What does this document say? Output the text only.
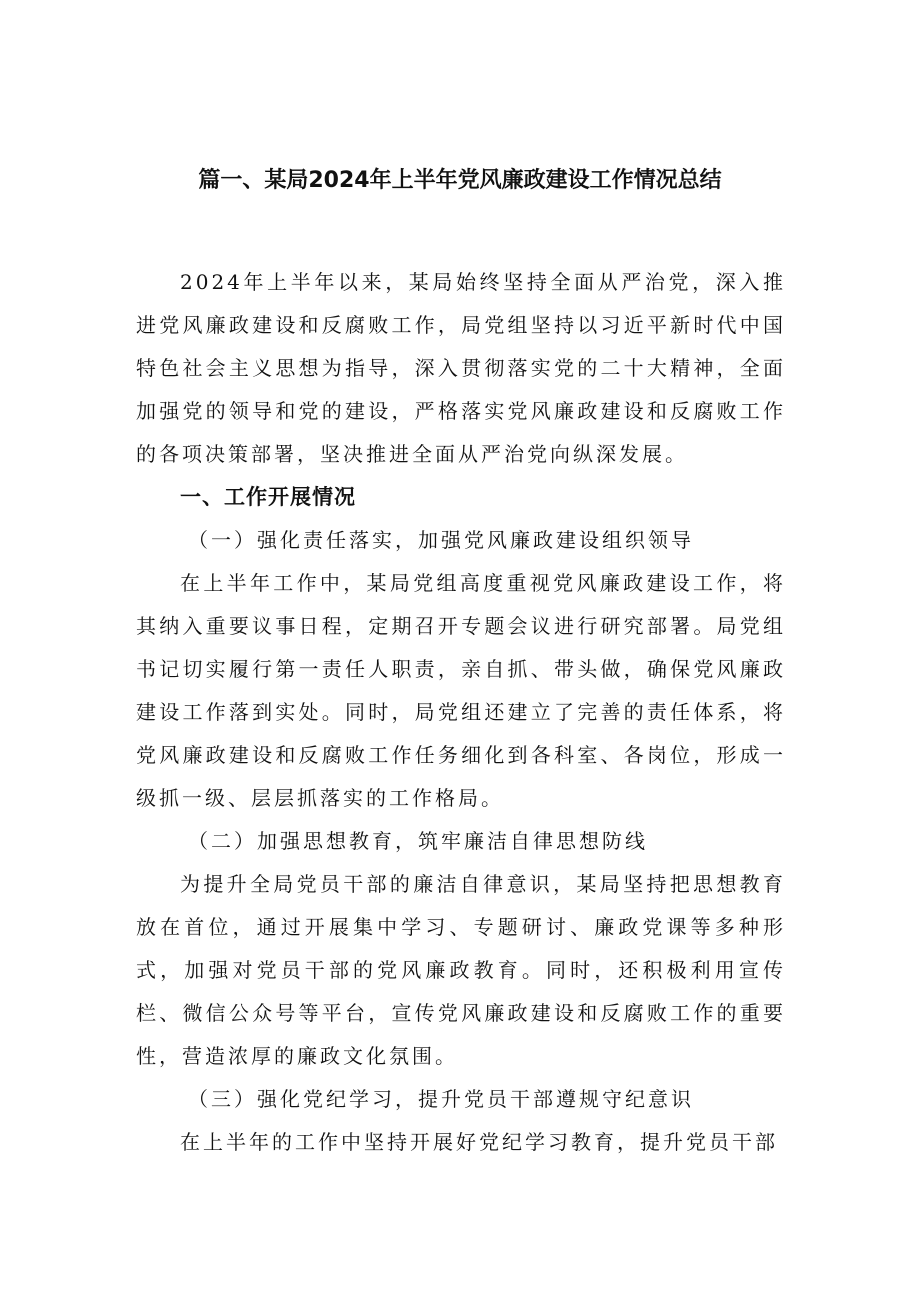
篇一、某局2024年上半年党风廉政建设工作情况总结

2024年上半年以来，某局始终坚持全面从严治党，深入推进党风廉政建设和反腐败工作，局党组坚持以习近平新时代中国特色社会主义思想为指导，深入贯彻落实党的二十大精神，全面加强党的领导和党的建设，严格落实党风廉政建设和反腐败工作的各项决策部署，坚决推进全面从严治党向纵深发展。

一、工作开展情况

（一）强化责任落实，加强党风廉政建设组织领导

在上半年工作中，某局党组高度重视党风廉政建设工作，将其纳入重要议事日程，定期召开专题会议进行研究部署。局党组书记切实履行第一责任人职责，亲自抓、带头做，确保党风廉政建设工作落到实处。同时，局党组还建立了完善的责任体系，将党风廉政建设和反腐败工作任务细化到各科室、各岗位，形成一级抓一级、层层抓落实的工作格局。

（二）加强思想教育，筑牢廉洁自律思想防线

为提升全局党员干部的廉洁自律意识，某局坚持把思想教育放在首位，通过开展集中学习、专题研讨、廉政党课等多种形式，加强对党员干部的党风廉政教育。同时，还积极利用宣传栏、微信公众号等平台，宣传党风廉政建设和反腐败工作的重要性，营造浓厚的廉政文化氛围。

（三）强化党纪学习，提升党员干部遵规守纪意识

在上半年的工作中坚持开展好党纪学习教育，提升党员干部
